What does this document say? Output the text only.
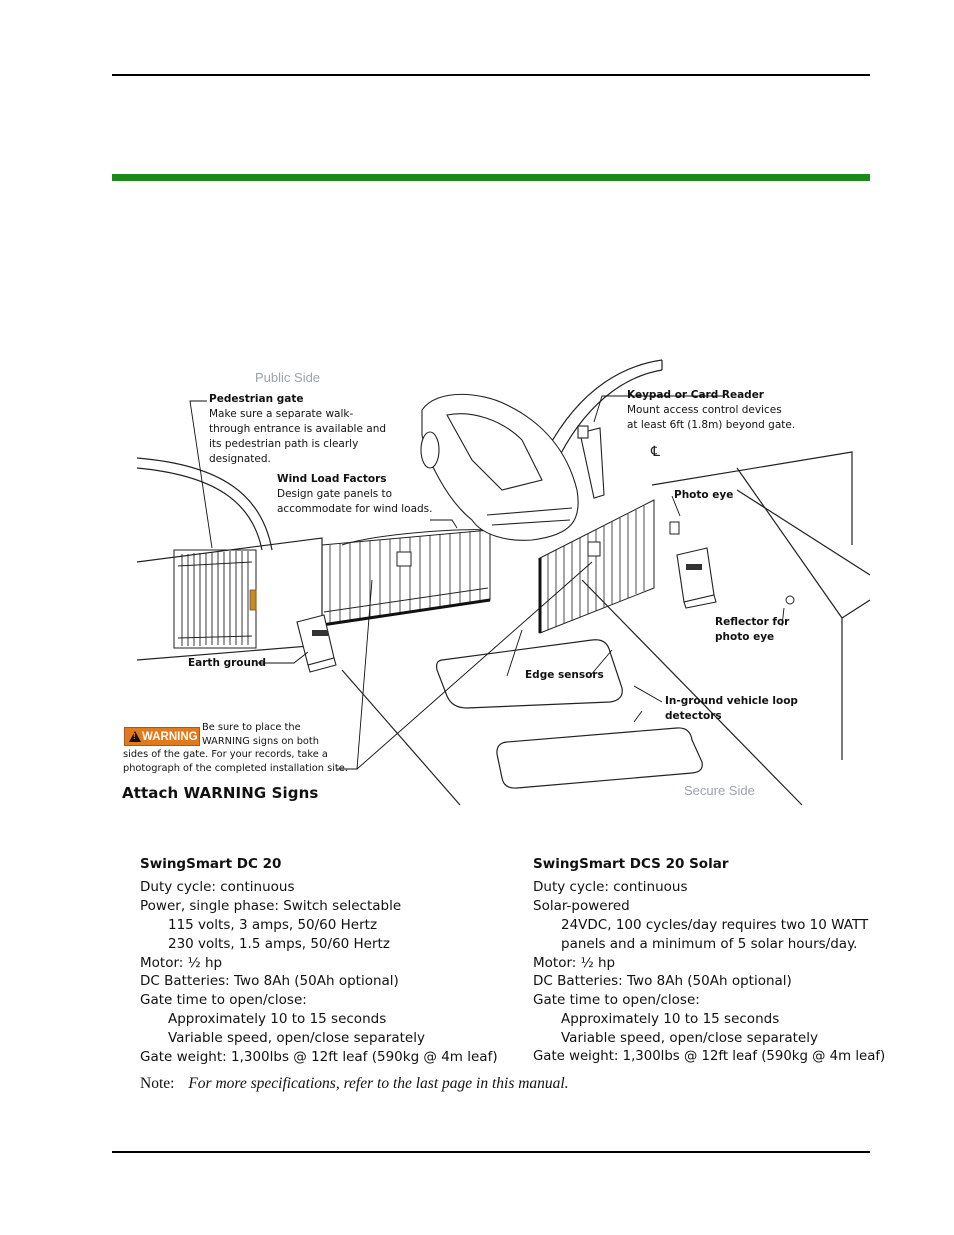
℄
Public Side
Secure Side
Pedestrian gate
Make sure a separate walk-
through entrance is available and
its pedestrian path is clearly
designated.
Wind Load Factors
Design gate panels to
accommodate for wind loads.
Keypad or Card Reader
Mount access control devices
at least 6ft (1.8m) beyond gate.
Photo eye
Reflector for
photo eye
Earth ground
Edge sensors
In-ground vehicle loop
detectors
!
WARNING
Be sure to place the
WARNING signs on both
sides of the gate. For your records, take a
photograph of the completed installation site.
Attach WARNING Signs
SwingSmart DC 20
Duty cycle: continuous
Power, single phase: Switch selectable
115 volts, 3 amps, 50/60 Hertz
230 volts, 1.5 amps, 50/60 Hertz
Motor: ½ hp
DC Batteries: Two 8Ah (50Ah optional)
Gate time to open/close:
Approximately 10 to 15 seconds
Variable speed, open/close separately
Gate weight: 1,300lbs @ 12ft leaf (590kg @ 4m leaf)
SwingSmart DCS 20 Solar
Duty cycle: continuous
Solar-powered
24VDC, 100 cycles/day requires two 10 WATT
panels and a minimum of 5 solar hours/day.
Motor: ½ hp
DC Batteries: Two 8Ah (50Ah optional)
Gate time to open/close:
Approximately 10 to 15 seconds
Variable speed, open/close separately
Gate weight: 1,300lbs @ 12ft leaf (590kg @ 4m leaf)
Note: For more specifications, refer to the last page in this manual.
